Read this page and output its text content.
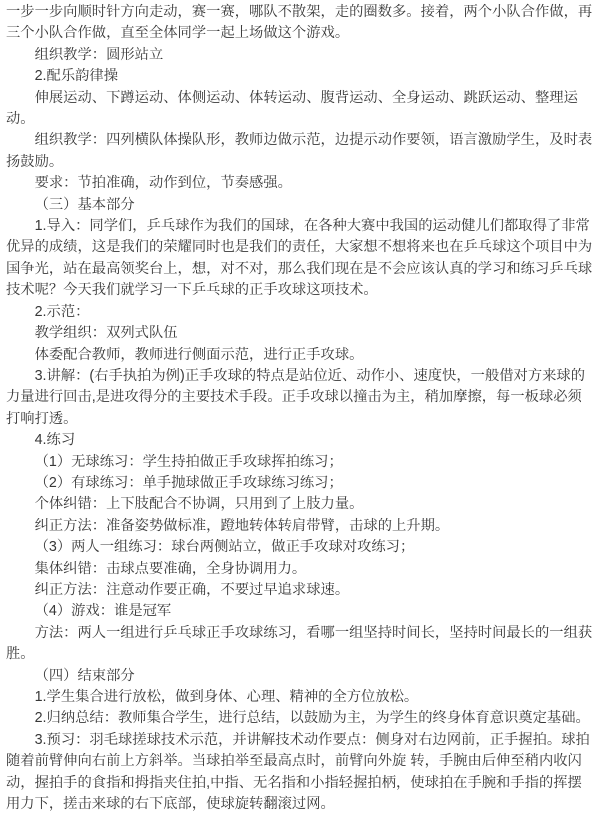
一步一步向顺时针方向走动，赛一赛，哪队不散架，走的圈数多。接着，两个小队合作做，再三个小队合作做，直至全体同学一起上场做这个游戏。

组织教学：圆形站立

2.配乐韵律操

伸展运动、下蹲运动、体侧运动、体转运动、腹背运动、全身运动、跳跃运动、整理运动。

组织教学：四列横队体操队形，教师边做示范，边提示动作要领，语言激励学生，及时表扬鼓励。

要求：节拍准确，动作到位，节奏感强。

（三）基本部分

1.导入：同学们，乒乓球作为我们的国球，在各种大赛中我国的运动健儿们都取得了非常优异的成绩，这是我们的荣耀同时也是我们的责任，大家想不想将来也在乒乓球这个项目中为国争光，站在最高领奖台上，想，对不对，那么我们现在是不会应该认真的学习和练习乒乓球技术呢？今天我们就学习一下乒乓球的正手攻球这项技术。

2.示范：

教学组织：双列式队伍

体委配合教师，教师进行侧面示范，进行正手攻球。

3.讲解：(右手执拍为例)正手攻球的特点是站位近、动作小、速度快，一般借对方来球的力量进行回击,是进攻得分的主要技术手段。正手攻球以撞击为主，稍加摩擦，每一板球必须打响打透。

4.练习

（1）无球练习：学生持拍做正手攻球挥拍练习；

（2）有球练习：单手抛球做正手攻球练习练习；

个体纠错：上下肢配合不协调，只用到了上肢力量。

纠正方法：准备姿势做标准，蹬地转体转肩带臂，击球的上升期。

（3）两人一组练习：球台两侧站立，做正手攻球对攻练习；

集体纠错：击球点要准确，全身协调用力。

纠正方法：注意动作要正确，不要过早追求球速。

（4）游戏：谁是冠军

方法：两人一组进行乒乓球正手攻球练习，看哪一组坚持时间长，坚持时间最长的一组获胜。

（四）结束部分

1.学生集合进行放松，做到身体、心理、精神的全方位放松。

2.归纳总结：教师集合学生，进行总结，以鼓励为主，为学生的终身体育意识奠定基础。

3.预习：羽毛球搓球技术示范，并讲解技术动作要点：侧身对右边网前，正手握拍。球拍随着前臂伸向右前上方斜举。当球拍举至最高点时，前臂向外旋 转，手腕由后伸至稍内收闪动，握拍手的食指和拇指夹住拍,中指、无名指和小指轻握拍柄，使球拍在手腕和手指的挥摆用力下，搓击来球的右下底部，使球旋转翻滚过网。
